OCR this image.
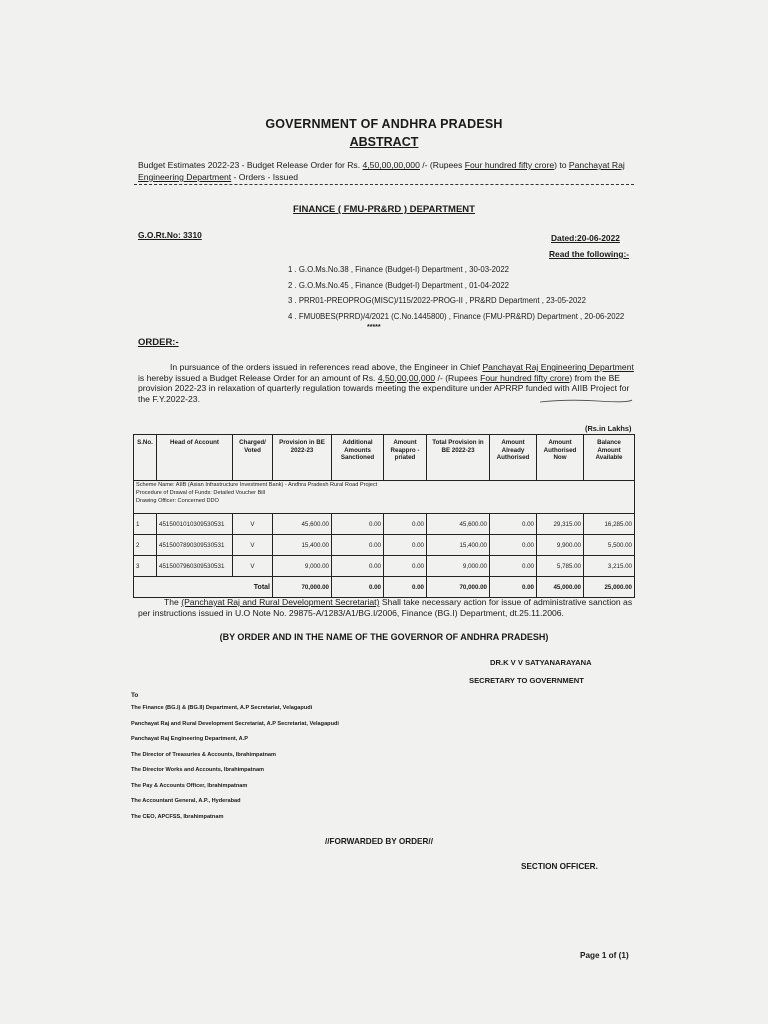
GOVERNMENT OF ANDHRA PRADESH
ABSTRACT
Budget Estimates 2022-23 - Budget Release Order for Rs. 4,50,00,00,000 /- (Rupees Four hundred fifty crore) to Panchayat Raj
Engineering Department - Orders - Issued
FINANCE ( FMU-PR&RD ) DEPARTMENT
G.O.Rt.No: 3310	Dated:20-06-2022
Read the following:-
1 . G.O.Ms.No.38 , Finance (Budget-I) Department , 30-03-2022
2 . G.O.Ms.No.45 , Finance (Budget-I) Department , 01-04-2022
3 . PRR01-PREOPROG(MISC)/115/2022-PROG-II , PR&RD Department , 23-05-2022
4 . FMU0BES(PRRD)/4/2021 (C.No.1445800) , Finance (FMU-PR&RD) Department , 20-06-2022
*****
ORDER:-
In pursuance of the orders issued in references read above, the Engineer in Chief Panchayat Raj Engineering Department is hereby issued a Budget Release Order for an amount of Rs. 4,50,00,00,000 /- (Rupees Four hundred fifty crore) from the BE provision 2022-23 in relaxation of quarterly regulation towards meeting the expenditure under APRRP funded with AIIB Project for the F.Y.2022-23.
(Rs.in Lakhs)
S.No.	Head of Account	Charged/ Voted	Provision in BE 2022-23	Additional Amounts Sanctioned	Amount Reappro -priated	Total Provision in BE 2022-23	Amount Already Authorised	Amount Authorised Now	Balance Amount Available

Scheme Name: AIIB (Asian Infrastructure Investment Bank) - Andhra Pradesh Rural Road Project
Procedure of Drawal of Funds: Detailed Voucher Bill
Drawing Officer: Concerned DDO									

1	4515001010309530531	V	45,600.00	0.00	0.00	45,600.00	0.00	29,315.00	16,285.00
2	4515007890309530531	V	15,400.00	0.00	0.00	15,400.00	0.00	9,900.00	5,500.00
3	4515007960309530531	V	9,000.00	0.00	0.00	9,000.00	0.00	5,785.00	3,215.00
Total			70,000.00	0.00	0.00	70,000.00	0.00	45,000.00	25,000.00
The (Panchayat Raj and Rural Development Secretariat) Shall take necessary action for issue of administrative sanction as per instructions issued in U.O Note No. 29875-A/1283/A1/BG.I/2006, Finance (BG.I) Department, dt.25.11.2006.
(BY ORDER AND IN THE NAME OF THE GOVERNOR OF ANDHRA PRADESH)
DR.K V V SATYANARAYANA
SECRETARY TO GOVERNMENT
To
The Finance (BG.I) & (BG.II) Department, A.P Secretariat, Velagapudi
Panchayat Raj and Rural Development Secretariat, A.P Secretariat, Velagapudi
Panchayat Raj Engineering Department, A.P
The Director of Treasuries & Accounts, Ibrahimpatnam
The Director Works and Accounts, Ibrahimpatnam
The Pay & Accounts Officer, Ibrahimpatnam
The Accountant General, A.P., Hyderabad
The CEO, APCFSS, Ibrahimpatnam
//FORWARDED BY ORDER//
SECTION OFFICER.
Page 1 of (1)
